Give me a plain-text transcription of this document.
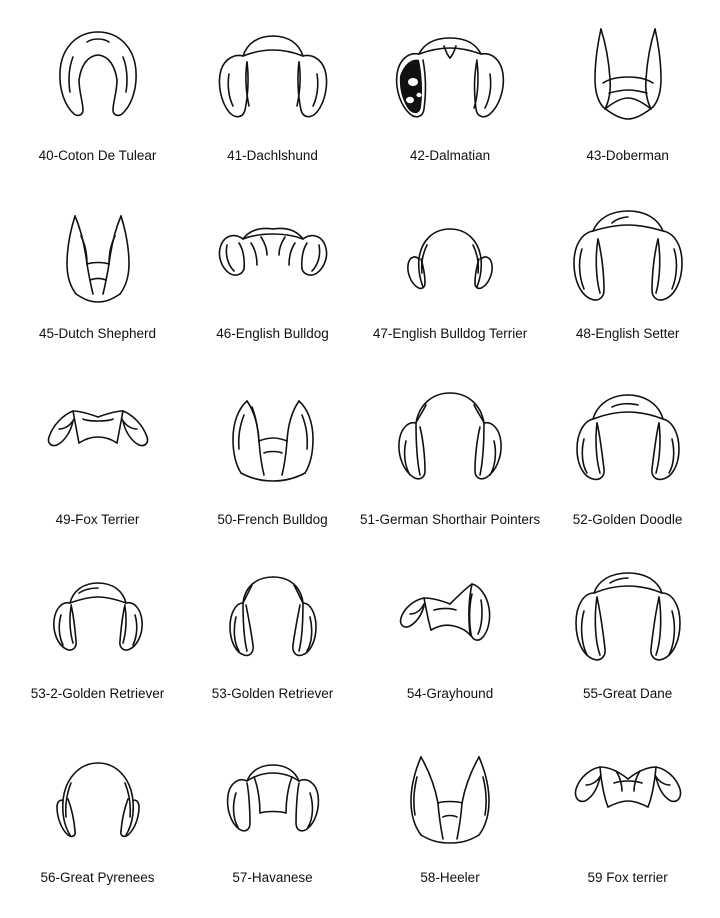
40-Coton De Tulear	41-Dachlshund	42-Dalmatian	43-Doberman
45-Dutch Shepherd	46-English Bulldog	47-English Bulldog Terrier	48-English Setter
49-Fox Terrier	50-French Bulldog 51-German Shorthair Pointers 52-Golden Doodle
53-2-Golden Retriever	53-Golden Retriever	54-Grayhound	55-Great Dane
56-Great Pyrenees	57-Havanese	58-Heeler	59 Fox terrier
